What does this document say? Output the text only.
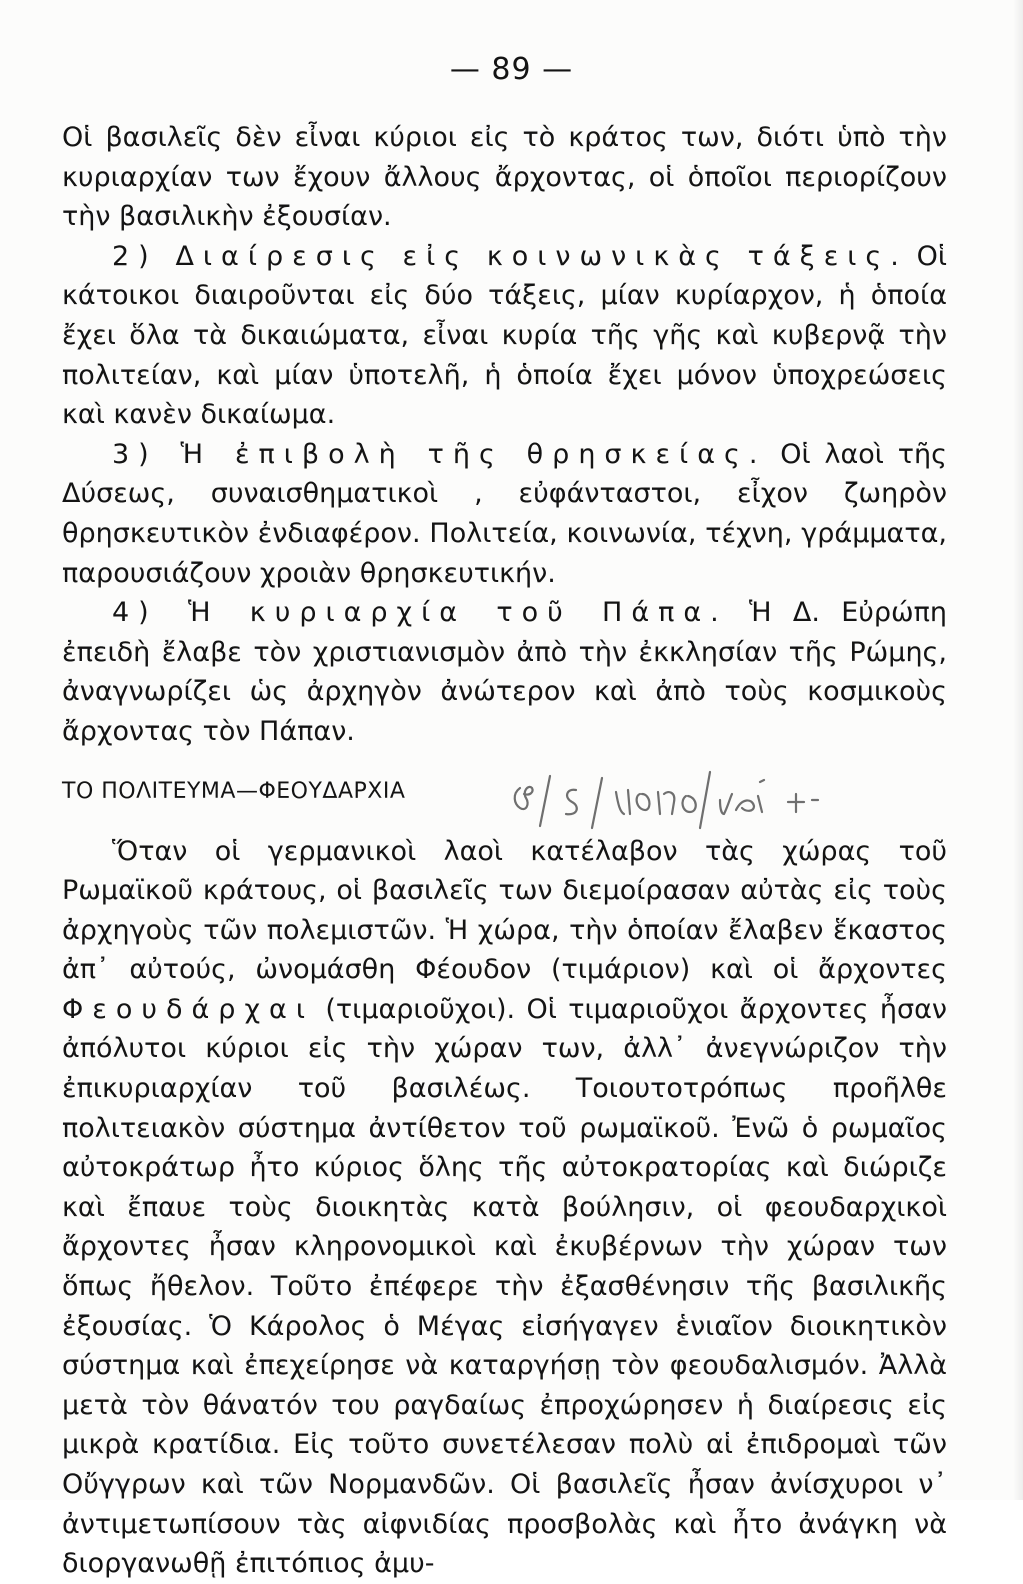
— 89 —

Οἱ βασιλεῖς δὲν εἶναι κύριοι εἰς τὸ κράτος των, διότι ὑπὸ τὴν κυριαρχίαν των ἔχουν ἄλλους ἄρχοντας, οἱ ὁποῖοι περιορίζουν τὴν βασιλικὴν ἐξουσίαν.

2) Διαίρεσις εἰς κοινωνικὰς τάξεις. Οἱ κάτοικοι διαιροῦνται εἰς δύο τάξεις, μίαν κυρίαρχον, ἡ ὁποία ἔχει ὅλα τὰ δικαιώματα, εἶναι κυρία τῆς γῆς καὶ κυβερνᾷ τὴν πολιτείαν, καὶ μίαν ὑποτελῆ, ἡ ὁποία ἔχει μόνον ὑποχρεώσεις καὶ κανὲν δικαίωμα.

3) Ἡ ἐπιβολὴ τῆς θρησκείας. Οἱ λαοὶ τῆς Δύσεως, συναισθηματικοὶ , εὐφάνταστοι, εἶχον ζωηρὸν θρησκευτικὸν ἐνδιαφέρον. Πολιτεία, κοινωνία, τέχνη, γράμματα, παρουσιάζουν χροιὰν θρησκευτικήν.

4) Ἡ κυριαρχία τοῦ Πάπα. Ἡ Δ. Εὐρώπη ἐπειδὴ ἔλαβε τὸν χριστιανισμὸν ἀπὸ τὴν ἐκκλησίαν τῆς Ρώμης, ἀναγνωρίζει ὡς ἀρχηγὸν ἀνώτερον καὶ ἀπὸ τοὺς κοσμικοὺς ἄρχοντας τὸν Πάπαν.

ΤΟ ΠΟΛΙΤΕΥΜΑ—ΦΕΟΥΔΑΡΧΙΑ

Ὅταν οἱ γερμανικοὶ λαοὶ κατέλαβον τὰς χώρας τοῦ Ρωμαϊκοῦ κράτους, οἱ βασιλεῖς των διεμοίρασαν αὐτὰς εἰς τοὺς ἀρχηγοὺς τῶν πολεμιστῶν. Ἡ χώρα, τὴν ὁποίαν ἔλαβεν ἕκαστος ἀπ᾿ αὐτούς, ὠνομάσθη Φέουδον (τιμάριον) καὶ οἱ ἄρχοντες Φεουδάρχαι (τιμαριοῦχοι). Οἱ τιμαριοῦχοι ἄρχοντες ἦσαν ἀπόλυτοι κύριοι εἰς τὴν χώραν των, ἀλλ᾿ ἀνεγνώριζον τὴν ἐπικυριαρχίαν τοῦ βασιλέως. Τοιουτοτρόπως προῆλθε πολιτειακὸν σύστημα ἀντίθετον τοῦ ρωμαϊκοῦ. Ἐνῶ ὁ ρωμαῖος αὐτοκράτωρ ἦτο κύριος ὅλης τῆς αὐτοκρατορίας καὶ διώριζε καὶ ἔπαυε τοὺς διοικητὰς κατὰ βούλησιν, οἱ φεουδαρχικοὶ ἄρχοντες ἦσαν κληρονομικοὶ καὶ ἐκυβέρνων τὴν χώραν των ὅπως ἤθελον. Τοῦτο ἐπέφερε τὴν ἐξασθένησιν τῆς βασιλικῆς ἐξουσίας. Ὁ Κάρολος ὁ Μέγας εἰσήγαγεν ἑνιαῖον διοικητικὸν σύστημα καὶ ἐπεχείρησε νὰ καταργήσῃ τὸν φεουδαλισμόν. Ἀλλὰ μετὰ τὸν θάνατόν του ραγδαίως ἐπροχώρησεν ἡ διαίρεσις εἰς μικρὰ κρατίδια. Εἰς τοῦτο συνετέλεσαν πολὺ αἱ ἐπιδρομαὶ τῶν Οὔγγρων καὶ τῶν Νορμανδῶν. Οἱ βασιλεῖς ἦσαν ἀνίσχυροι ν᾿ ἀντιμετωπίσουν τὰς αἰφνιδίας προσβολὰς καὶ ἦτο ἀνάγκη νὰ διοργανωθῇ ἐπιτόπιος ἀμυ-
